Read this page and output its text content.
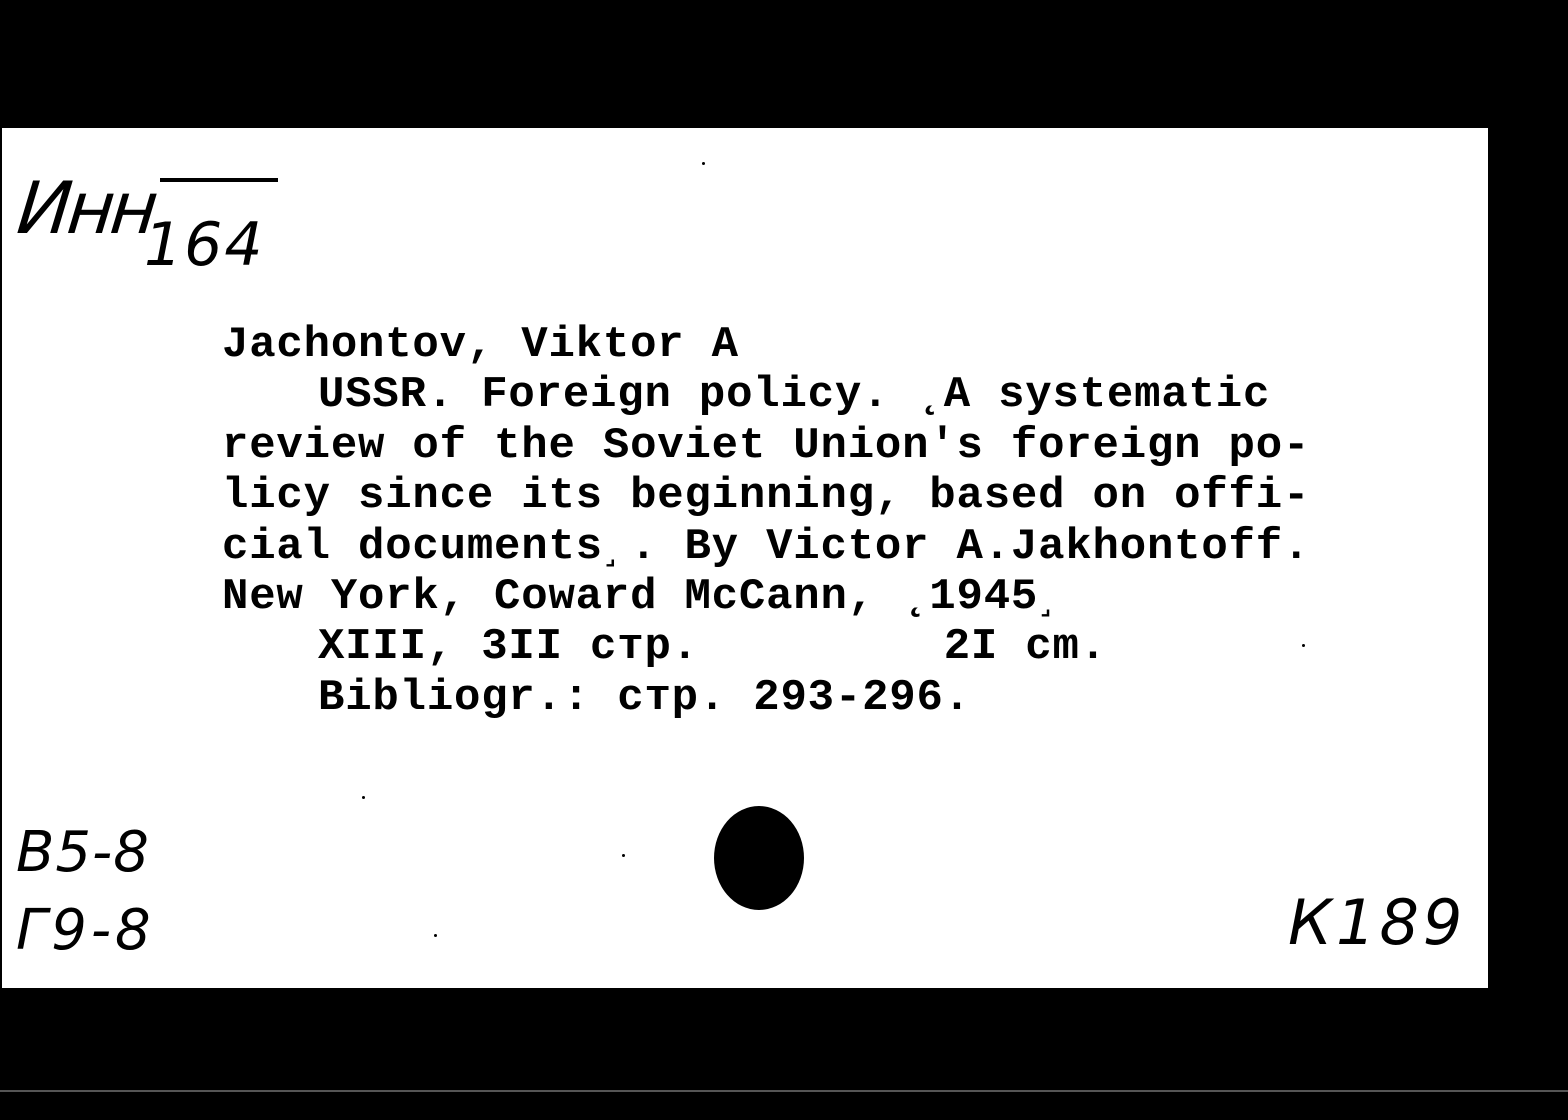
Инн
164
Jachontov, Viktor A
USSR. Foreign policy. ˛A systematic
review of the Soviet Union's foreign po-
licy since its beginning, based on offi-
cial documents˼. By Victor A.Jakhontoff.
New York, Coward McCann, ˛1945˼
XIII, 3II стр.         2I cm.
Bibliogr.: стр. 293-296.
B5-8
Г9-8	К189
